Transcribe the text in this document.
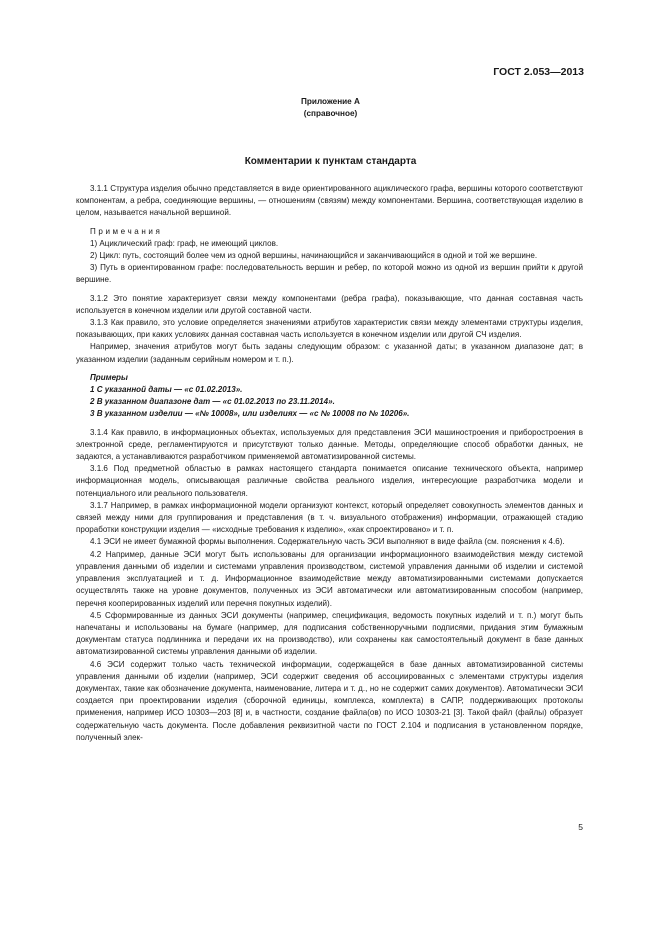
ГОСТ 2.053—2013
Приложение А
(справочное)
Комментарии к пунктам стандарта

3.1.1 Структура изделия обычно представляется в виде ориентированного ациклического графа, вершины которого соответствуют компонентам, а ребра, соединяющие вершины, — отношениям (связям) между компонентами. Вершина, соответствующая изделию в целом, называется начальной вершиной.

Примечания

1) Ациклический граф: граф, не имеющий циклов.

2) Цикл: путь, состоящий более чем из одной вершины, начинающийся и заканчивающийся в одной и той же вершине.

3) Путь в ориентированном графе: последовательность вершин и ребер, по которой можно из одной из вершин прийти к другой вершине.

3.1.2 Это понятие характеризует связи между компонентами (ребра графа), показывающие, что данная составная часть используется в конечном изделии или другой составной части.

3.1.3 Как правило, это условие определяется значениями атрибутов характеристик связи между элементами структуры изделия, показывающих, при каких условиях данная составная часть используется в конечном изделии или другой СЧ изделия.

Например, значения атрибутов могут быть заданы следующим образом: с указанной даты; в указанном диапазоне дат; в указанном изделии (заданным серийным номером и т. п.).

Примеры

1 С указанной даты — «с 01.02.2013».

2 В указанном диапазоне дат — «с 01.02.2013 по 23.11.2014».

3 В указанном изделии — «№ 10008», или изделиях — «с № 10008 по № 10206».

3.1.4 Как правило, в информационных объектах, используемых для представления ЭСИ машиностроения и приборостроения в электронной среде, регламентируются и присутствуют только данные. Методы, определяющие способ обработки данных, не задаются, а устанавливаются разработчиком применяемой автоматизированной системы.

3.1.6 Под предметной областью в рамках настоящего стандарта понимается описание технического объекта, например информационная модель, описывающая различные свойства реального изделия, интересующие разработчика модели и потенциального или реального пользователя.

3.1.7 Например, в рамках информационной модели организуют контекст, который определяет совокупность элементов данных и связей между ними для группирования и представления (в т. ч. визуального отображения) информации, отражающей стадию проработки конструкции изделия — «исходные требования к изделию», «как спроектировано» и т. п.

4.1 ЭСИ не имеет бумажной формы выполнения. Содержательную часть ЭСИ выполняют в виде файла (см. пояснения к 4.6).

4.2 Например, данные ЭСИ могут быть использованы для организации информационного взаимодействия между системой управления данными об изделии и системами управления производством, системой управления данными об изделии и системой управления эксплуатацией и т. д. Информационное взаимодействие между автоматизированными системами допускается осуществлять также на уровне документов, полученных из ЭСИ автоматически или автоматизированным способом (например, перечня кооперированных изделий или перечня покупных изделий).

4.5 Сформированные из данных ЭСИ документы (например, спецификация, ведомость покупных изделий и т. п.) могут быть напечатаны и использованы на бумаге (например, для подписания собственноручными подписями, придания этим бумажным документам статуса подлинника и передачи их на производство), или сохранены как самостоятельный документ в базе данных автоматизированной системы управления данными об изделии.

4.6 ЭСИ содержит только часть технической информации, содержащейся в базе данных автоматизированной системы управления данными об изделии (например, ЭСИ содержит сведения об ассоциированных с элементами структуры изделия документах, такие как обозначение документа, наименование, литера и т. д., но не содержит самих документов). Автоматически ЭСИ создается при проектировании изделия (сборочной единицы, комплекса, комплекта) в САПР, поддерживающих протоколы применения, например ИСО 10303—203 [8] и, в частности, создание файла(ов) по ИСО 10303-21 [3]. Такой файл (файлы) образует содержательную часть документа. После добавления реквизитной части по ГОСТ 2.104 и подписания в установленном порядке, полученный элек-

5
